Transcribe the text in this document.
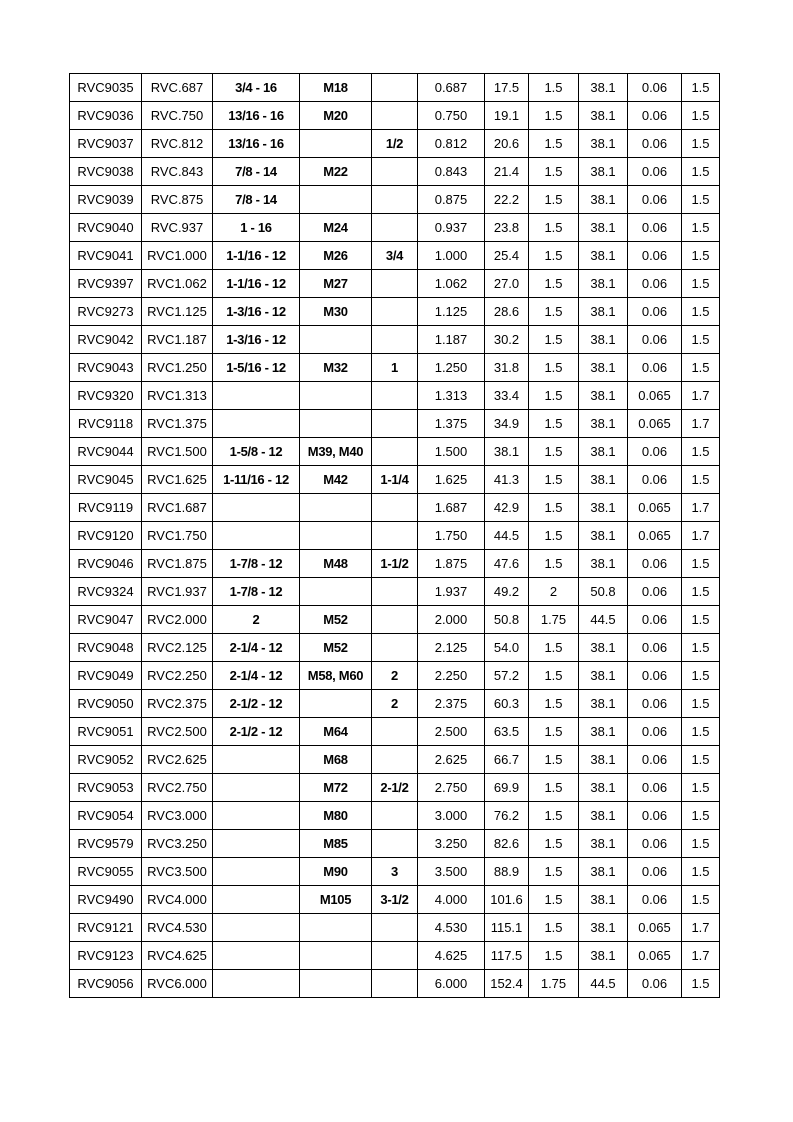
RVC9035	RVC.687	3/4 - 16	M18		0.687	17.5	1.5	38.1	0.06	1.5
RVC9036	RVC.750	13/16 - 16	M20		0.750	19.1	1.5	38.1	0.06	1.5
RVC9037	RVC.812	13/16 - 16		1/2	0.812	20.6	1.5	38.1	0.06	1.5
RVC9038	RVC.843	7/8 - 14	M22		0.843	21.4	1.5	38.1	0.06	1.5
RVC9039	RVC.875	7/8 - 14			0.875	22.2	1.5	38.1	0.06	1.5
RVC9040	RVC.937	1 - 16	M24		0.937	23.8	1.5	38.1	0.06	1.5
RVC9041	RVC1.000	1-1/16 - 12	M26	3/4	1.000	25.4	1.5	38.1	0.06	1.5
RVC9397	RVC1.062	1-1/16 - 12	M27		1.062	27.0	1.5	38.1	0.06	1.5
RVC9273	RVC1.125	1-3/16 - 12	M30		1.125	28.6	1.5	38.1	0.06	1.5
RVC9042	RVC1.187	1-3/16 - 12			1.187	30.2	1.5	38.1	0.06	1.5
RVC9043	RVC1.250	1-5/16 - 12	M32	1	1.250	31.8	1.5	38.1	0.06	1.5
RVC9320	RVC1.313				1.313	33.4	1.5	38.1	0.065	1.7
RVC9118	RVC1.375				1.375	34.9	1.5	38.1	0.065	1.7
RVC9044	RVC1.500	1-5/8 - 12	M39, M40		1.500	38.1	1.5	38.1	0.06	1.5
RVC9045	RVC1.625	1-11/16 - 12	M42	1-1/4	1.625	41.3	1.5	38.1	0.06	1.5
RVC9119	RVC1.687				1.687	42.9	1.5	38.1	0.065	1.7
RVC9120	RVC1.750				1.750	44.5	1.5	38.1	0.065	1.7
RVC9046	RVC1.875	1-7/8 - 12	M48	1-1/2	1.875	47.6	1.5	38.1	0.06	1.5
RVC9324	RVC1.937	1-7/8 - 12			1.937	49.2	2	50.8	0.06	1.5
RVC9047	RVC2.000	2	M52		2.000	50.8	1.75	44.5	0.06	1.5
RVC9048	RVC2.125	2-1/4 - 12	M52		2.125	54.0	1.5	38.1	0.06	1.5
RVC9049	RVC2.250	2-1/4 - 12	M58, M60	2	2.250	57.2	1.5	38.1	0.06	1.5
RVC9050	RVC2.375	2-1/2 - 12		2	2.375	60.3	1.5	38.1	0.06	1.5
RVC9051	RVC2.500	2-1/2 - 12	M64		2.500	63.5	1.5	38.1	0.06	1.5
RVC9052	RVC2.625		M68		2.625	66.7	1.5	38.1	0.06	1.5
RVC9053	RVC2.750		M72	2-1/2	2.750	69.9	1.5	38.1	0.06	1.5
RVC9054	RVC3.000		M80		3.000	76.2	1.5	38.1	0.06	1.5
RVC9579	RVC3.250		M85		3.250	82.6	1.5	38.1	0.06	1.5
RVC9055	RVC3.500		M90	3	3.500	88.9	1.5	38.1	0.06	1.5
RVC9490	RVC4.000		M105	3-1/2	4.000	101.6	1.5	38.1	0.06	1.5
RVC9121	RVC4.530				4.530	115.1	1.5	38.1	0.065	1.7
RVC9123	RVC4.625				4.625	117.5	1.5	38.1	0.065	1.7
RVC9056	RVC6.000				6.000	152.4	1.75	44.5	0.06	1.5
